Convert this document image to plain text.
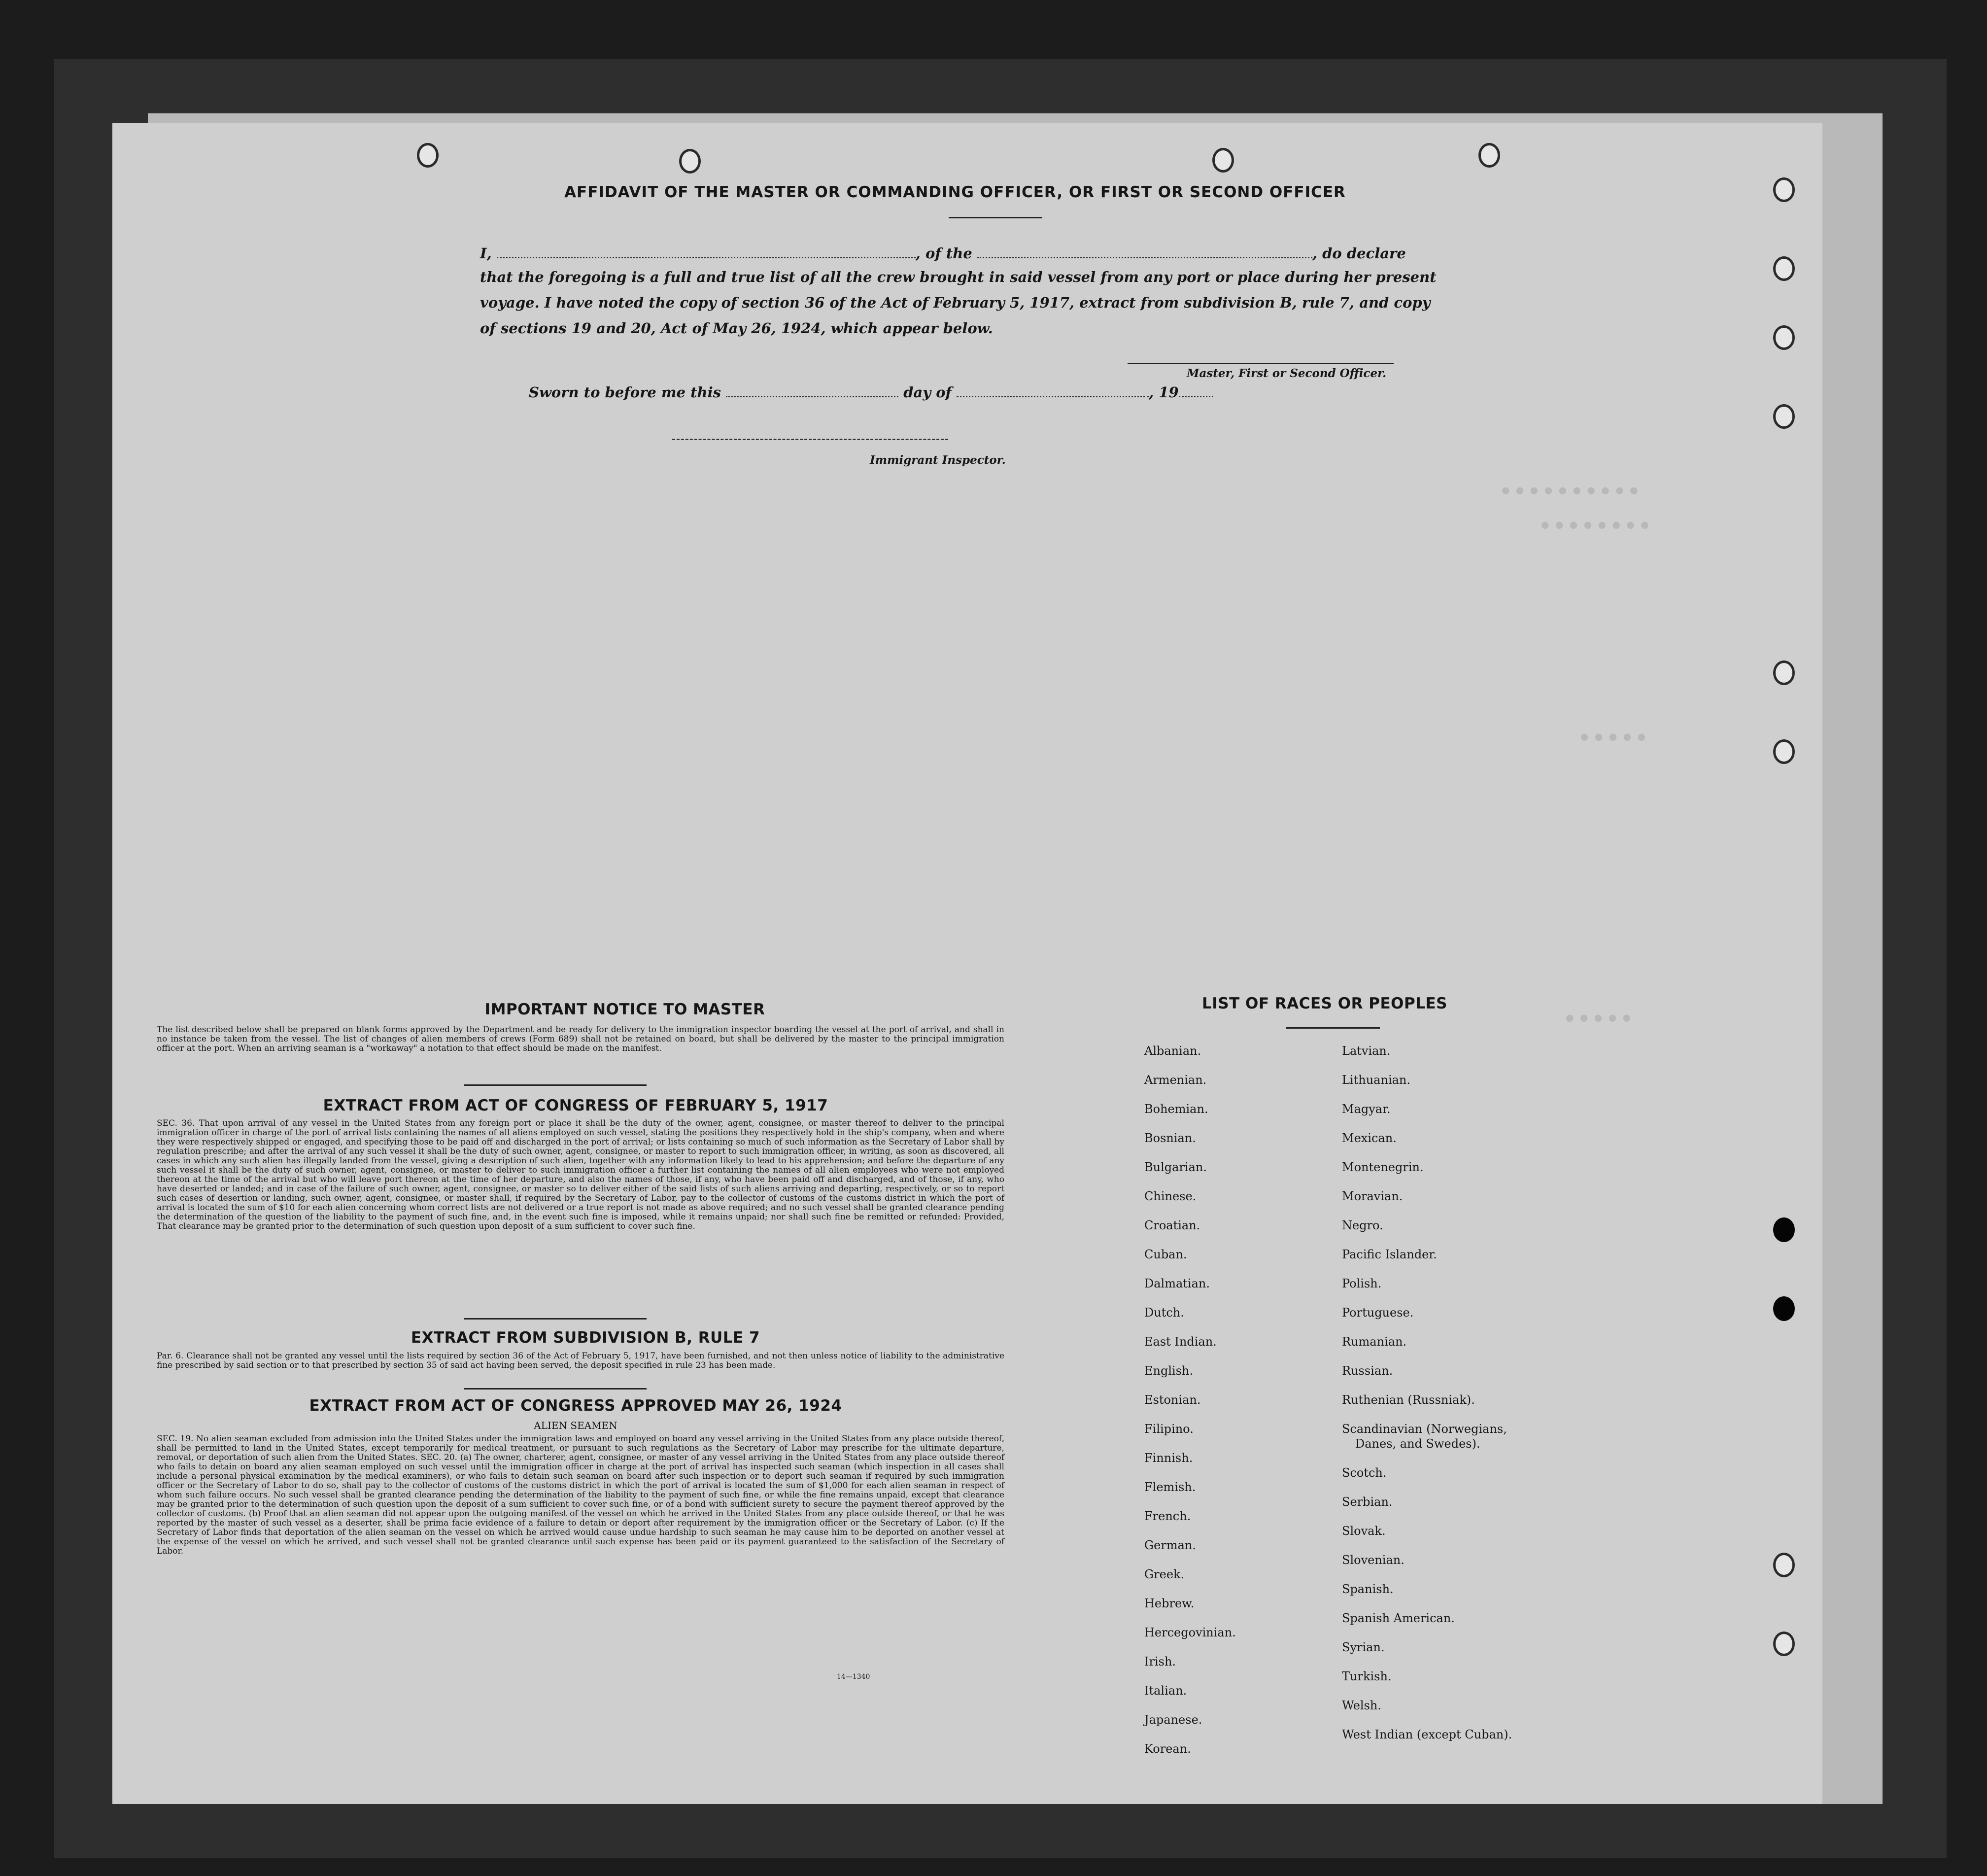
● ● ● ● ● ● ● ● ● ●
● ● ● ● ● ● ● ●
● ● ● ● ●
● ● ● ● ●
AFFIDAVIT OF THE MASTER OR COMMANDING OFFICER, OR FIRST OR SECOND OFFICER
I,	, of the	, do declare
that the foregoing is a full and true list of all the crew brought in said vessel from any port or place during her present voyage. I have noted the copy of section 36 of the Act of February 5, 1917, extract from subdivision B, rule 7, and copy of sections 19 and 20, Act of May 26, 1924, which appear below.
Master, First or Second Officer.
Sworn to before me this	day of	, 19
Immigrant Inspector.
IMPORTANT NOTICE TO MASTER
The list described below shall be prepared on blank forms approved by the Department and be ready for delivery to the immigration inspector boarding the vessel at the port of arrival, and shall in no instance be taken from the vessel. The list of changes of alien members of crews (Form 689) shall not be retained on board, but shall be delivered by the master to the principal immigration officer at the port. When an arriving seaman is a "workaway" a notation to that effect should be made on the manifest.
EXTRACT FROM ACT OF CONGRESS OF FEBRUARY 5, 1917
SEC. 36. That upon arrival of any vessel in the United States from any foreign port or place it shall be the duty of the owner, agent, consignee, or master thereof to deliver to the principal immigration officer in charge of the port of arrival lists containing the names of all aliens employed on such vessel, stating the positions they respectively hold in the ship's company, when and where they were respectively shipped or engaged, and specifying those to be paid off and discharged in the port of arrival; or lists containing so much of such information as the Secretary of Labor shall by regulation prescribe; and after the arrival of any such vessel it shall be the duty of such owner, agent, consignee, or master to report to such immigration officer, in writing, as soon as discovered, all cases in which any such alien has illegally landed from the vessel, giving a description of such alien, together with any information likely to lead to his apprehension; and before the departure of any such vessel it shall be the duty of such owner, agent, consignee, or master to deliver to such immigration officer a further list containing the names of all alien employees who were not employed thereon at the time of the arrival but who will leave port thereon at the time of her departure, and also the names of those, if any, who have been paid off and discharged, and of those, if any, who have deserted or landed; and in case of the failure of such owner, agent, consignee, or master so to deliver either of the said lists of such aliens arriving and departing, respectively, or so to report such cases of desertion or landing, such owner, agent, consignee, or master shall, if required by the Secretary of Labor, pay to the collector of customs of the customs district in which the port of arrival is located the sum of $10 for each alien concerning whom correct lists are not delivered or a true report is not made as above required; and no such vessel shall be granted clearance pending the determination of the question of the liability to the payment of such fine, and, in the event such fine is imposed, while it remains unpaid; nor shall such fine be remitted or refunded: Provided, That clearance may be granted prior to the determination of such question upon deposit of a sum sufficient to cover such fine.
EXTRACT FROM SUBDIVISION B, RULE 7
Par. 6. Clearance shall not be granted any vessel until the lists required by section 36 of the Act of February 5, 1917, have been furnished, and not then unless notice of liability to the administrative fine prescribed by said section or to that prescribed by section 35 of said act having been served, the deposit specified in rule 23 has been made.
EXTRACT FROM ACT OF CONGRESS APPROVED MAY 26, 1924
ALIEN SEAMEN
SEC. 19. No alien seaman excluded from admission into the United States under the immigration laws and employed on board any vessel arriving in the United States from any place outside thereof, shall be permitted to land in the United States, except temporarily for medical treatment, or pursuant to such regulations as the Secretary of Labor may prescribe for the ultimate departure, removal, or deportation of such alien from the United States. SEC. 20. (a) The owner, charterer, agent, consignee, or master of any vessel arriving in the United States from any place outside thereof who fails to detain on board any alien seaman employed on such vessel until the immigration officer in charge at the port of arrival has inspected such seaman (which inspection in all cases shall include a personal physical examination by the medical examiners), or who fails to detain such seaman on board after such inspection or to deport such seaman if required by such immigration officer or the Secretary of Labor to do so, shall pay to the collector of customs of the customs district in which the port of arrival is located the sum of $1,000 for each alien seaman in respect of whom such failure occurs. No such vessel shall be granted clearance pending the determination of the liability to the payment of such fine, or while the fine remains unpaid, except that clearance may be granted prior to the determination of such question upon the deposit of a sum sufficient to cover such fine, or of a bond with sufficient surety to secure the payment thereof approved by the collector of customs. (b) Proof that an alien seaman did not appear upon the outgoing manifest of the vessel on which he arrived in the United States from any place outside thereof, or that he was reported by the master of such vessel as a deserter, shall be prima facie evidence of a failure to detain or deport after requirement by the immigration officer or the Secretary of Labor. (c) If the Secretary of Labor finds that deportation of the alien seaman on the vessel on which he arrived would cause undue hardship to such seaman he may cause him to be deported on another vessel at the expense of the vessel on which he arrived, and such vessel shall not be granted clearance until such expense has been paid or its payment guaranteed to the satisfaction of the Secretary of Labor.
14—1340
LIST OF RACES OR PEOPLES
Albanian.
Armenian.
Bohemian.
Bosnian.
Bulgarian.
Chinese.
Croatian.
Cuban.
Dalmatian.
Dutch.
East Indian.
English.
Estonian.
Filipino.
Finnish.
Flemish.
French.
German.
Greek.
Hebrew.
Hercegovinian.
Irish.
Italian.
Japanese.
Korean.
Latvian.
Lithuanian.
Magyar.
Mexican.
Montenegrin.
Moravian.
Negro.
Pacific Islander.
Polish.
Portuguese.
Rumanian.
Russian.
Ruthenian (Russniak).
Scandinavian (Norwegians,
Danes, and Swedes).
Scotch.
Serbian.
Slovak.
Slovenian.
Spanish.
Spanish American.
Syrian.
Turkish.
Welsh.
West Indian (except Cuban).
